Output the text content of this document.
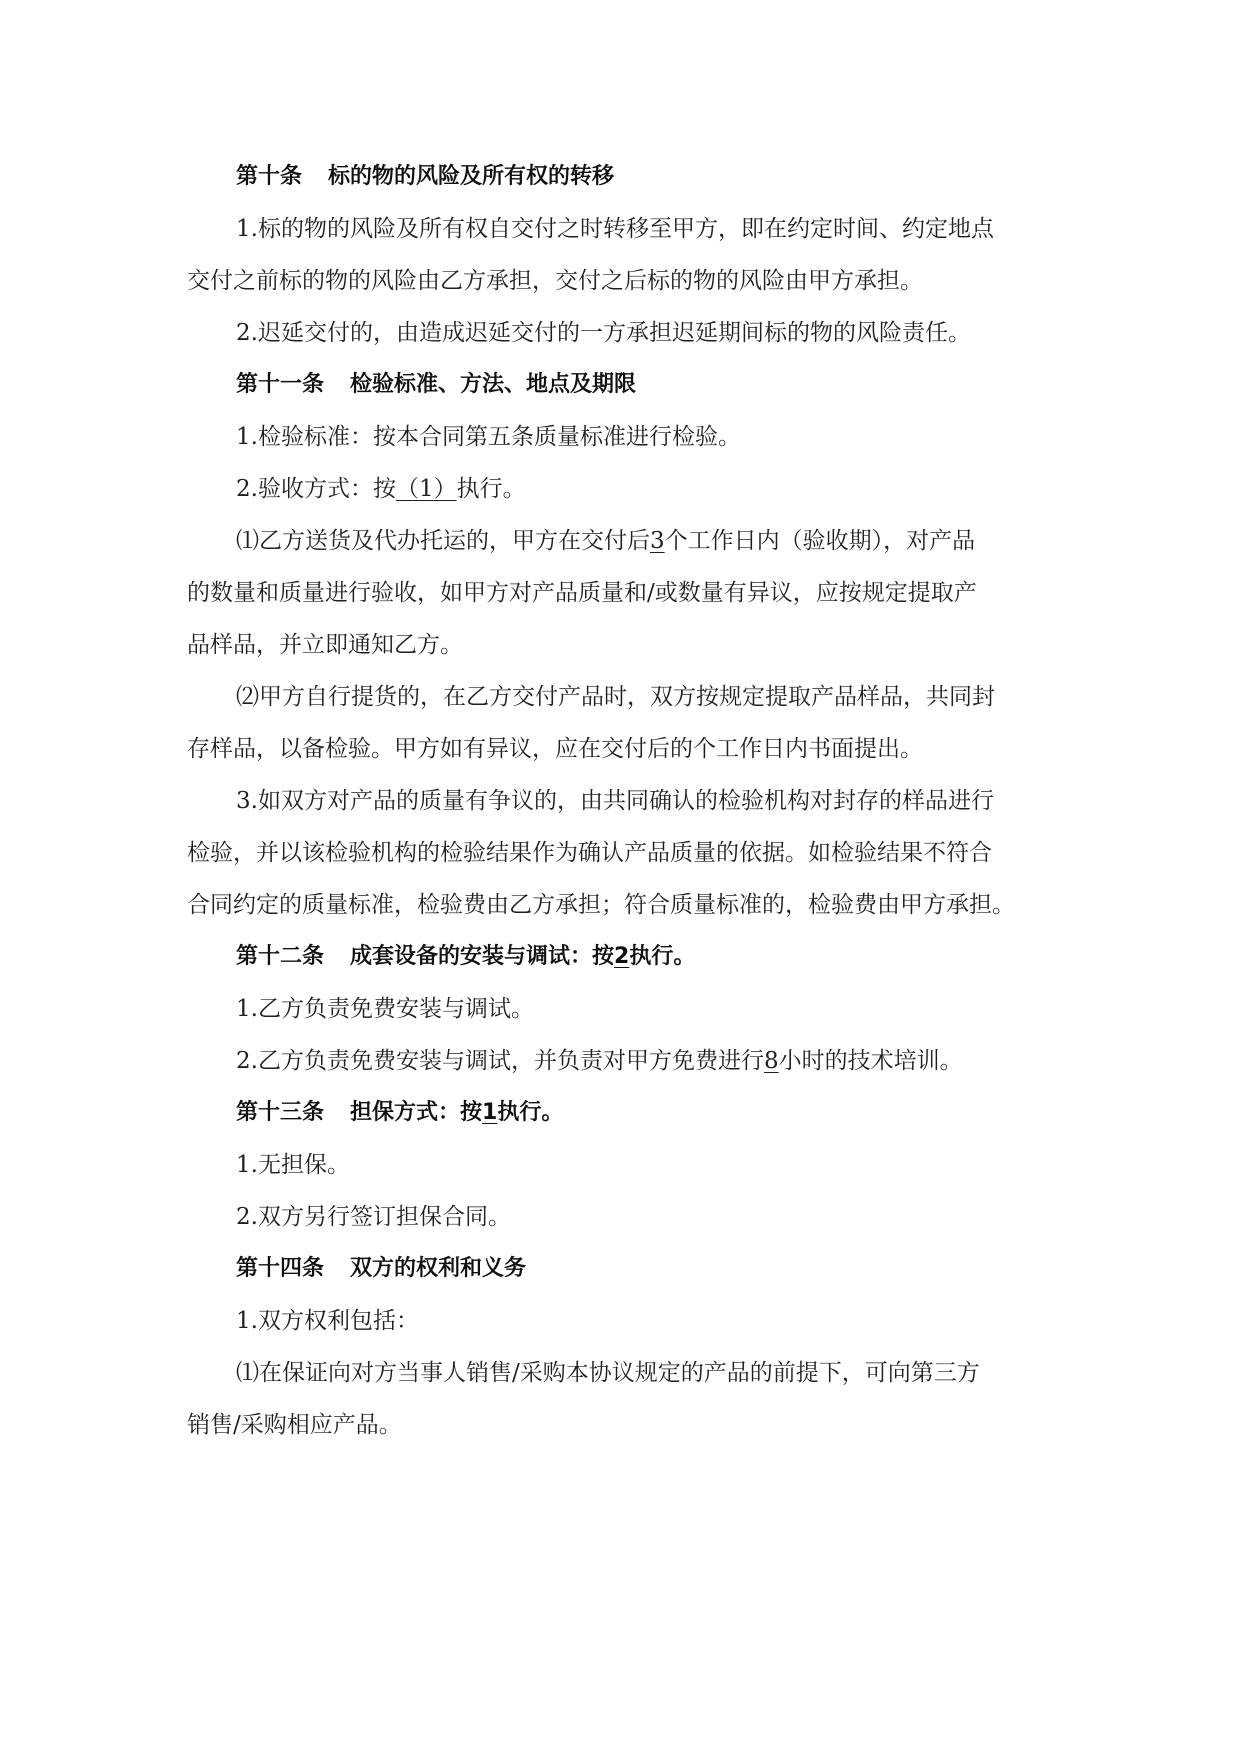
第十条 标的物的风险及所有权的转移
1.标的物的风险及所有权自交付之时转移至甲方，即在约定时间、约定地点
交付之前标的物的风险由乙方承担，交付之后标的物的风险由甲方承担。
2.迟延交付的，由造成迟延交付的一方承担迟延期间标的物的风险责任。
第十一条 检验标准、方法、地点及期限
1.检验标准：按本合同第五条质量标准进行检验。
2.验收方式：按（1）执行。
⑴乙方送货及代办托运的，甲方在交付后3个工作日内（验收期），对产品
的数量和质量进行验收，如甲方对产品质量和/或数量有异议，应按规定提取产
品样品，并立即通知乙方。
⑵甲方自行提货的，在乙方交付产品时，双方按规定提取产品样品，共同封
存样品，以备检验。甲方如有异议，应在交付后的个工作日内书面提出。
3.如双方对产品的质量有争议的，由共同确认的检验机构对封存的样品进行
检验，并以该检验机构的检验结果作为确认产品质量的依据。如检验结果不符合
合同约定的质量标准，检验费由乙方承担；符合质量标准的，检验费由甲方承担。
第十二条 成套设备的安装与调试：按2执行。
1.乙方负责免费安装与调试。
2.乙方负责免费安装与调试，并负责对甲方免费进行8小时的技术培训。
第十三条 担保方式：按1执行。
1.无担保。
2.双方另行签订担保合同。
第十四条 双方的权利和义务
1.双方权利包括：
⑴在保证向对方当事人销售/采购本协议规定的产品的前提下，可向第三方
销售/采购相应产品。
